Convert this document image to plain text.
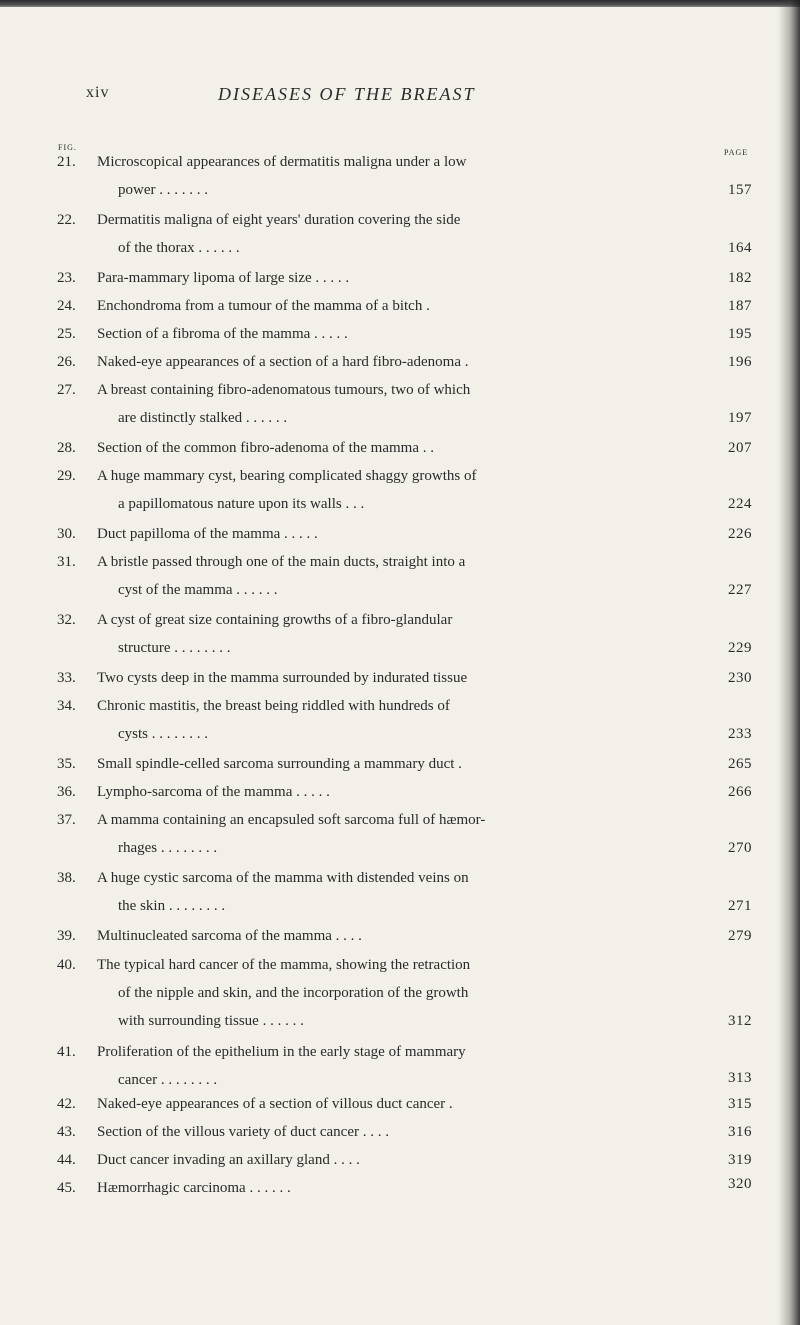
xiv	DISEASES OF THE BREAST
FIG.
PAGE
21.	Microscopical appearances of dermatitis maligna under a low
power . . . . . . .	157
22.	Dermatitis maligna of eight years' duration covering the side
of the thorax . . . . . .	164
23.	Para-mammary lipoma of large size . . . . .	182
24.	Enchondroma from a tumour of the mamma of a bitch .	187
25.	Section of a fibroma of the mamma . . . . .	195
26.	Naked-eye appearances of a section of a hard fibro-adenoma .	196
27.	A breast containing fibro-adenomatous tumours, two of which
are distinctly stalked . . . . . .	197
28.	Section of the common fibro-adenoma of the mamma . .	207
29.	A huge mammary cyst, bearing complicated shaggy growths of
a papillomatous nature upon its walls . . .	224
30.	Duct papilloma of the mamma . . . . .	226
31.	A bristle passed through one of the main ducts, straight into a
cyst of the mamma . . . . . .	227
32.	A cyst of great size containing growths of a fibro-glandular
structure . . . . . . . .	229
33.	Two cysts deep in the mamma surrounded by indurated tissue	230
34.	Chronic mastitis, the breast being riddled with hundreds of
cysts . . . . . . . .	233
35.	Small spindle-celled sarcoma surrounding a mammary duct .	265
36.	Lympho-sarcoma of the mamma . . . . .	266
37.	A mamma containing an encapsuled soft sarcoma full of hæmor-
rhages . . . . . . . .	270
38.	A huge cystic sarcoma of the mamma with distended veins on
the skin . . . . . . . .	271
39.	Multinucleated sarcoma of the mamma . . . .	279
40.	The typical hard cancer of the mamma, showing the retraction
of the nipple and skin, and the incorporation of the growth
with surrounding tissue . . . . . .	312
41.	Proliferation of the epithelium in the early stage of mammary
cancer . . . . . . . .	313
42.	Naked-eye appearances of a section of villous duct cancer .	315
43.	Section of the villous variety of duct cancer . . . .	316
44.	Duct cancer invading an axillary gland . . . .	319
45.	Hæmorrhagic carcinoma . . . . . .	320
